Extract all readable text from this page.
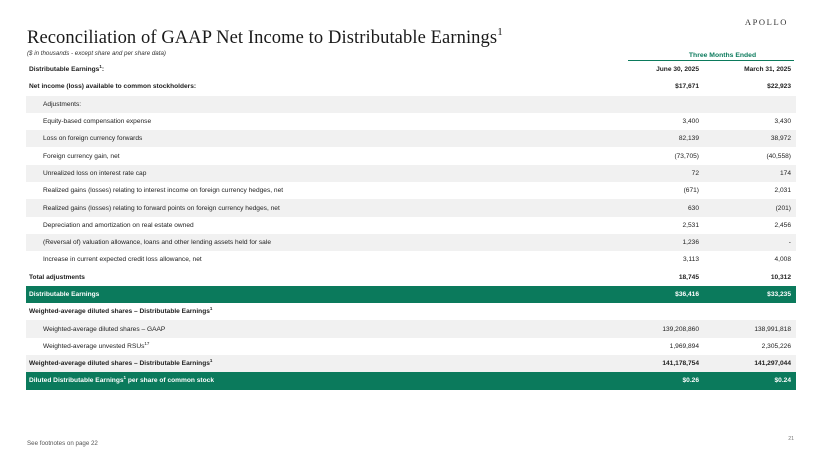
APOLLO
Reconciliation of GAAP Net Income to Distributable Earnings$^1$
($ in thousands - except share and per share data)	Three Months Ended
Distributable Earnings$^1$:	June 30, 2025	March 31, 2025
Net income (loss) available to common stockholders:	$17,671	$22,923
Adjustments:
Equity-based compensation expense	3,400	3,430
Loss on foreign currency forwards	82,139	38,972
Foreign currency gain, net	(73,705)	(40,558)
Unrealized loss on interest rate cap	72	174
Realized gains (losses) relating to interest income on foreign currency hedges, net	(671)	2,031
Realized gains (losses) relating to forward points on foreign currency hedges, net	630	(201)
Depreciation and amortization on real estate owned	2,531	2,456
(Reversal of) valuation allowance, loans and other lending assets held for sale	1,236	-
Increase in current expected credit loss allowance, net	3,113	4,008
Total adjustments	18,745	10,312
Distributable Earnings	$36,416	$33,235
Weighted-average diluted shares – Distributable Earnings$^1$
Weighted-average diluted shares – GAAP	139,208,860	138,991,818
Weighted-average unvested RSUs$^{17}$	1,969,894	2,305,226
Weighted-average diluted shares – Distributable Earnings$^1$	141,178,754	141,297,044
Diluted Distributable Earnings$^1$ per share of common stock	$0.26	$0.24
See footnotes on page 22
21
